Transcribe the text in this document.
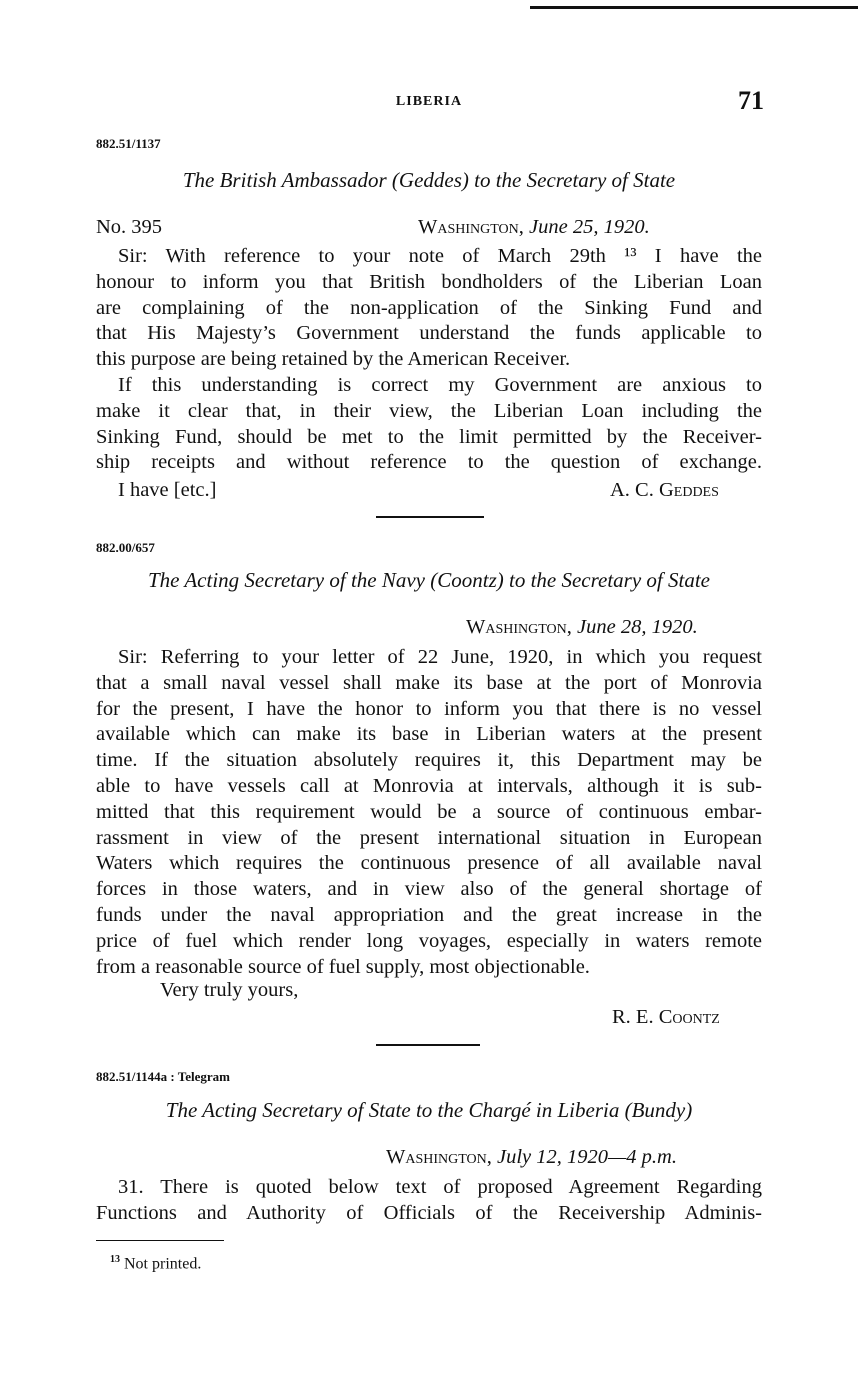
LIBERIA	71
882.51/1137
The British Ambassador (Geddes) to the Secretary of State
No. 395	Washington, June 25, 1920.
Sir: With reference to your note of March 29th ¹³ I have the
honour to inform you that British bondholders of the Liberian Loan
are complaining of the non-application of the Sinking Fund and
that His Majesty’s Government understand the funds applicable to
this purpose are being retained by the American Receiver.
If this understanding is correct my Government are anxious to
make it clear that, in their view, the Liberian Loan including the
Sinking Fund, should be met to the limit permitted by the Receiver-
ship receipts and without reference to the question of exchange.
I have [etc.]	A. C. Geddes
882.00/657
The Acting Secretary of the Navy (Coontz) to the Secretary of State
Washington, June 28, 1920.
Sir: Referring to your letter of 22 June, 1920, in which you request
that a small naval vessel shall make its base at the port of Monrovia
for the present, I have the honor to inform you that there is no vessel
available which can make its base in Liberian waters at the present
time. If the situation absolutely requires it, this Department may be
able to have vessels call at Monrovia at intervals, although it is sub-
mitted that this requirement would be a source of continuous embar-
rassment in view of the present international situation in European
Waters which requires the continuous presence of all available naval
forces in those waters, and in view also of the general shortage of
funds under the naval appropriation and the great increase in the
price of fuel which render long voyages, especially in waters remote
from a reasonable source of fuel supply, most objectionable.
Very truly yours,
R. E. Coontz
882.51/1144a : Telegram
The Acting Secretary of State to the Chargé in Liberia (Bundy)
Washington, July 12, 1920—4 p.m.
31. There is quoted below text of proposed Agreement Regarding
Functions and Authority of Officials of the Receivership Adminis-
$^{13}$ Not printed.
